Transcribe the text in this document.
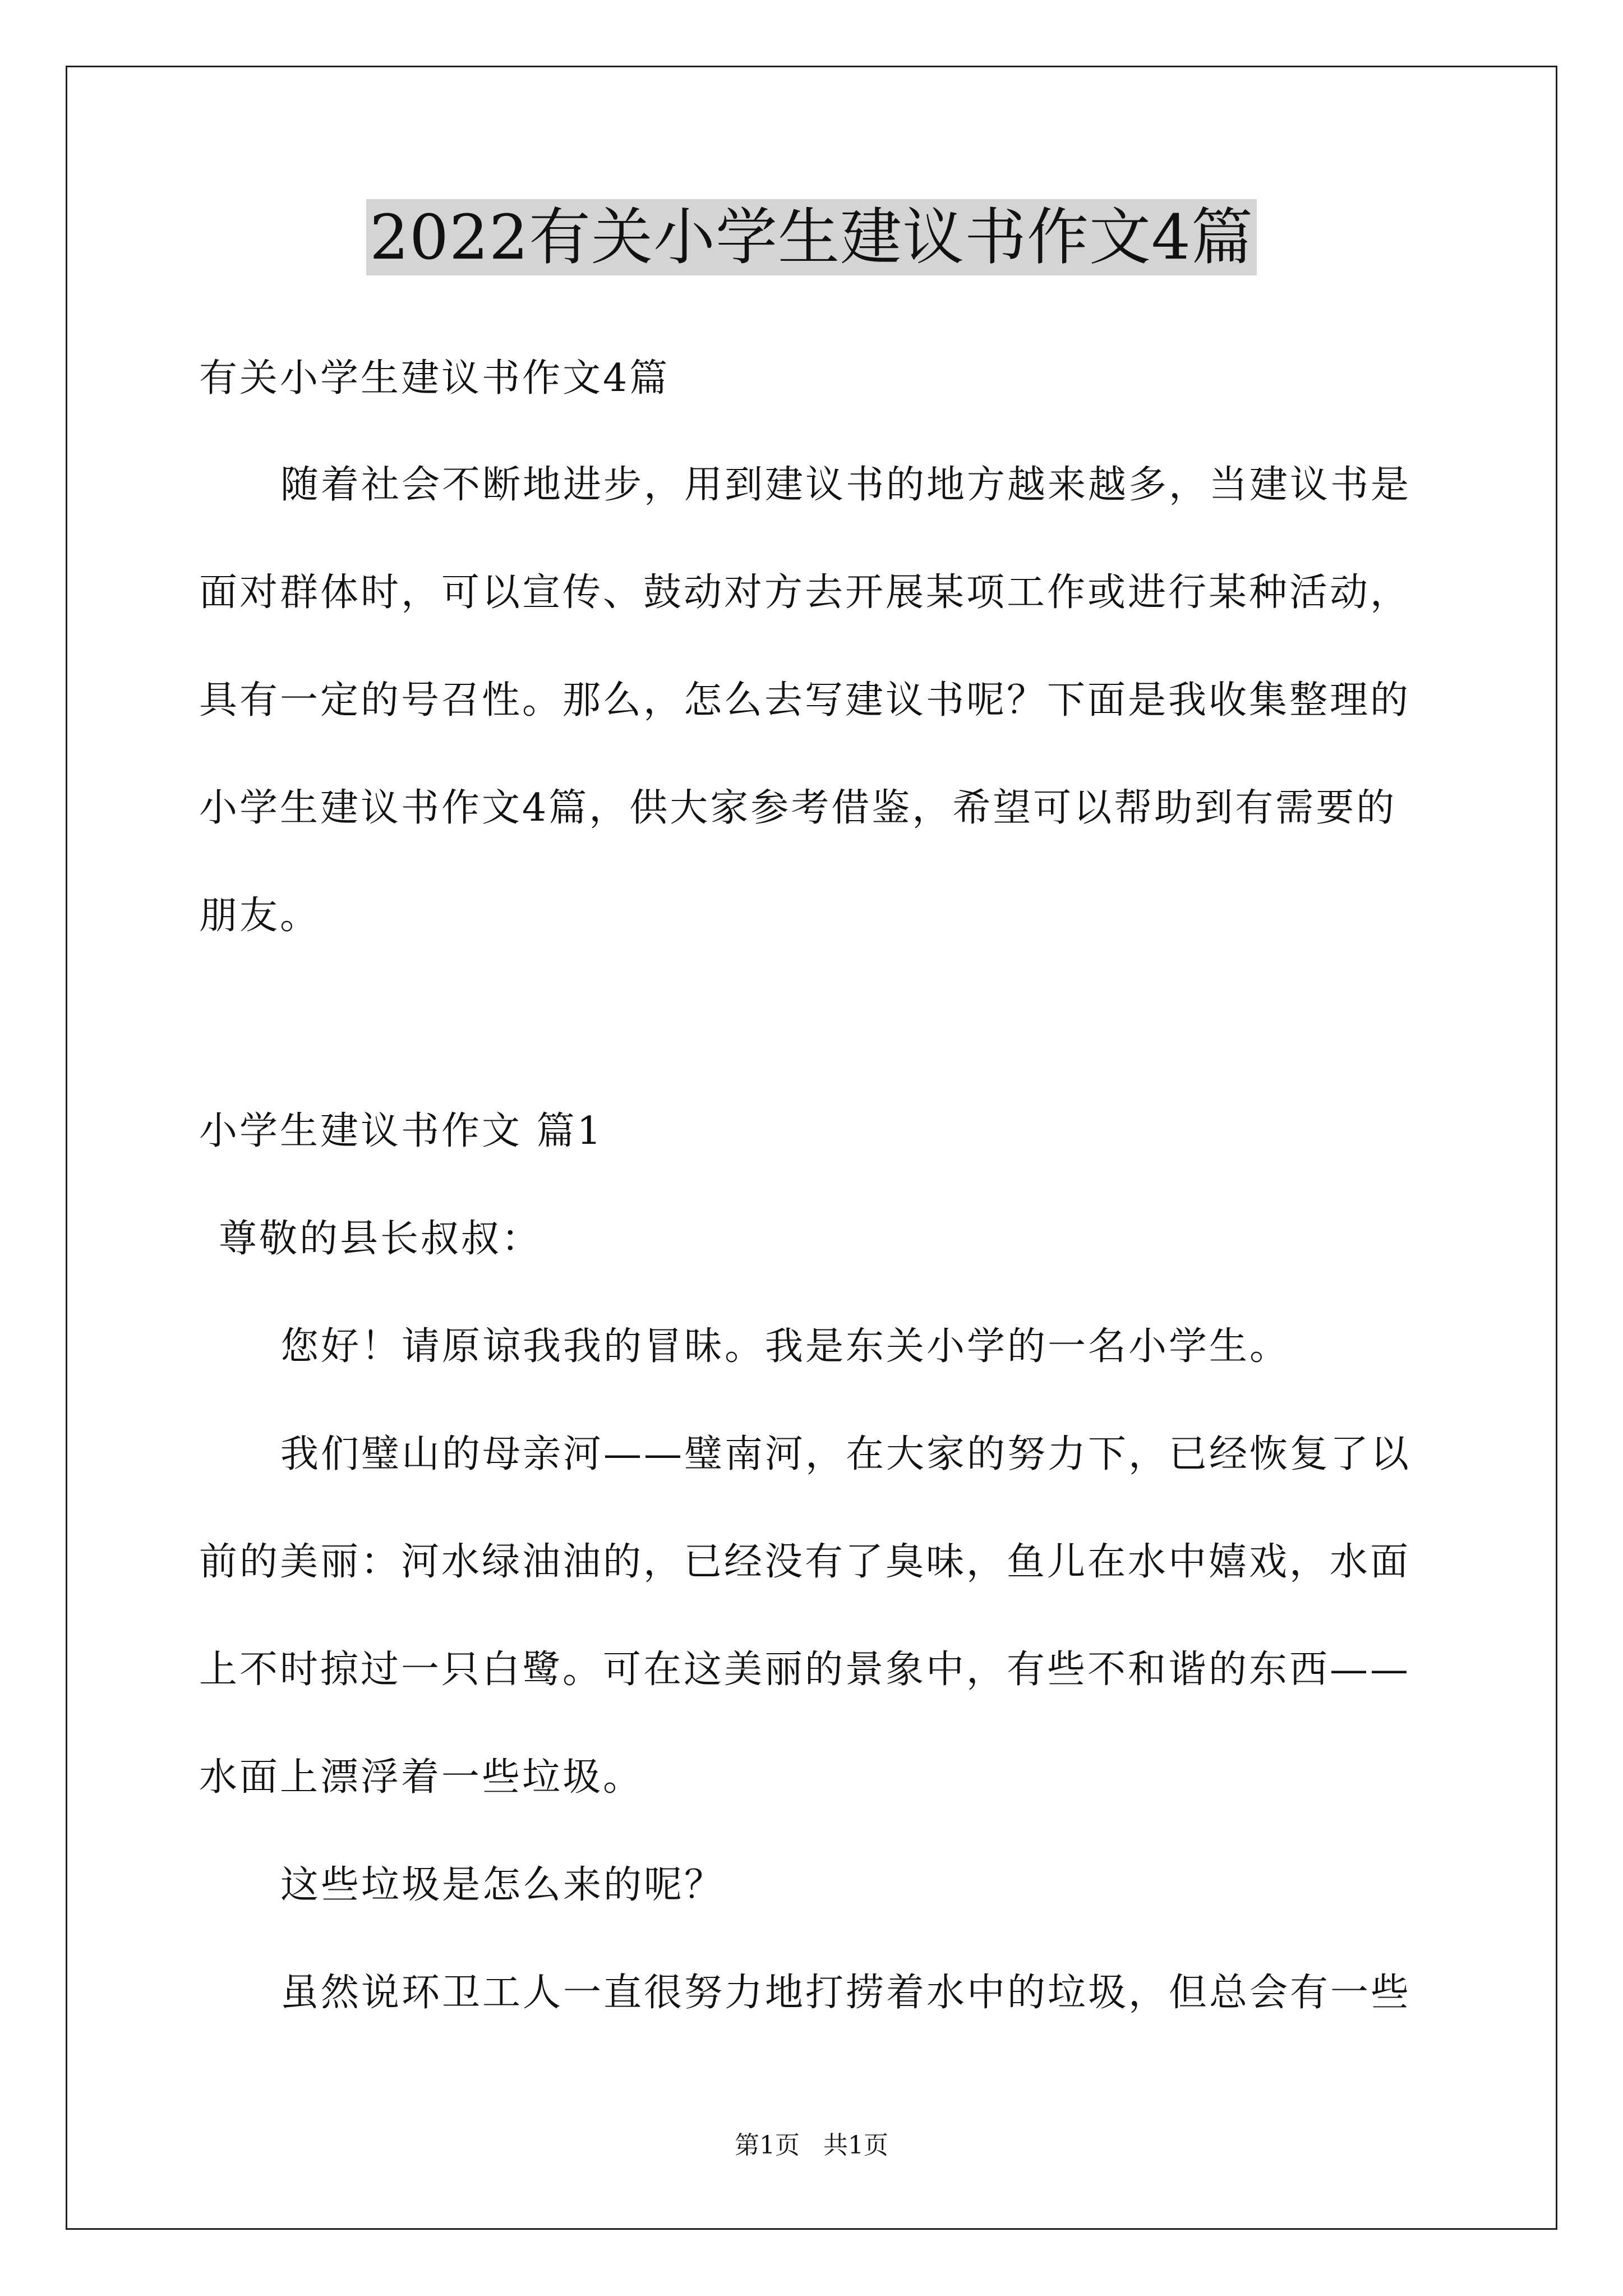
2022有关小学生建议书作文4篇
有关小学生建议书作文4篇
随着社会不断地进步，用到建议书的地方越来越多，当建议书是
面对群体时，可以宣传、鼓动对方去开展某项工作或进行某种活动，
具有一定的号召性。那么，怎么去写建议书呢？下面是我收集整理的
小学生建议书作文4篇，供大家参考借鉴，希望可以帮助到有需要的
朋友。
小学生建议书作文 篇1
尊敬的县长叔叔：
您好！请原谅我我的冒昧。我是东关小学的一名小学生。
我们璧山的母亲河——璧南河，在大家的努力下，已经恢复了以
前的美丽：河水绿油油的，已经没有了臭味，鱼儿在水中嬉戏，水面
上不时掠过一只白鹭。可在这美丽的景象中，有些不和谐的东西——
水面上漂浮着一些垃圾。
这些垃圾是怎么来的呢？
虽然说环卫工人一直很努力地打捞着水中的垃圾，但总会有一些
第1页   共1页
